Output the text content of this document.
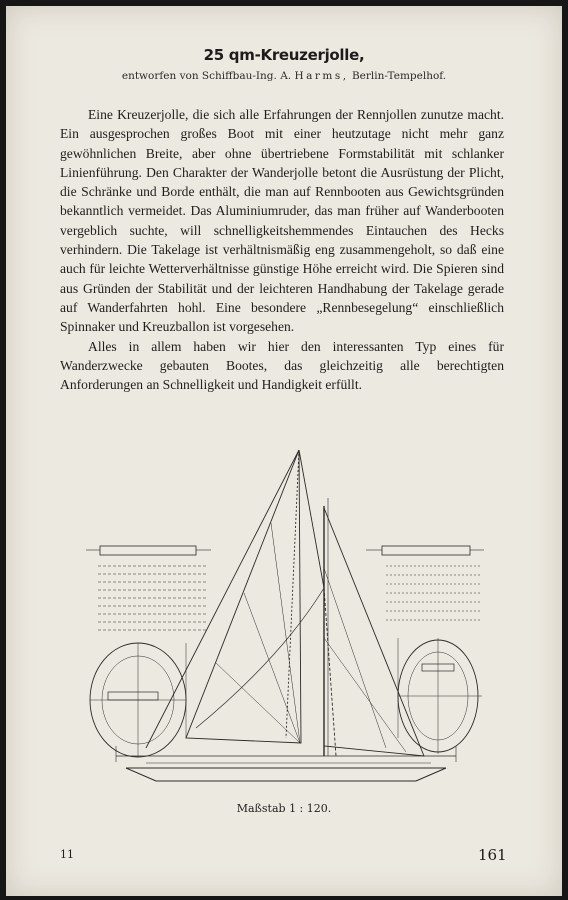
25 qm-Kreuzerjolle,
entworfen von Schiffbau-Ing. A. Harms, Berlin-Tempelhof.

Eine Kreuzerjolle, die sich alle Erfahrungen der Rennjollen zunutze macht. Ein ausgesprochen großes Boot mit einer heutzutage nicht mehr ganz gewöhnlichen Breite, aber ohne übertriebene Formstabilität mit schlanker Linienführung. Den Charakter der Wanderjolle betont die Ausrüstung der Plicht, die Schränke und Borde enthält, die man auf Rennbooten aus Gewichtsgründen bekanntlich vermeidet. Das Aluminiumruder, das man früher auf Wanderbooten vergeblich suchte, will schnelligkeitshemmendes Eintauchen des Hecks verhindern. Die Takelage ist verhältnismäßig eng zusammengeholt, so daß eine auch für leichte Wetterverhältnisse günstige Höhe erreicht wird. Die Spieren sind aus Gründen der Stabilität und der leichteren Handhabung der Takelage gerade auf Wanderfahrten hohl. Eine besondere „Rennbesegelung“ einschließlich Spinnaker und Kreuzballon ist vorgesehen.

Alles in allem haben wir hier den interessanten Typ eines für Wanderzwecke gebauten Bootes, das gleichzeitig alle berechtigten Anforderungen an Schnelligkeit und Handigkeit erfüllt.

Maßstab 1 : 120.
11	161
